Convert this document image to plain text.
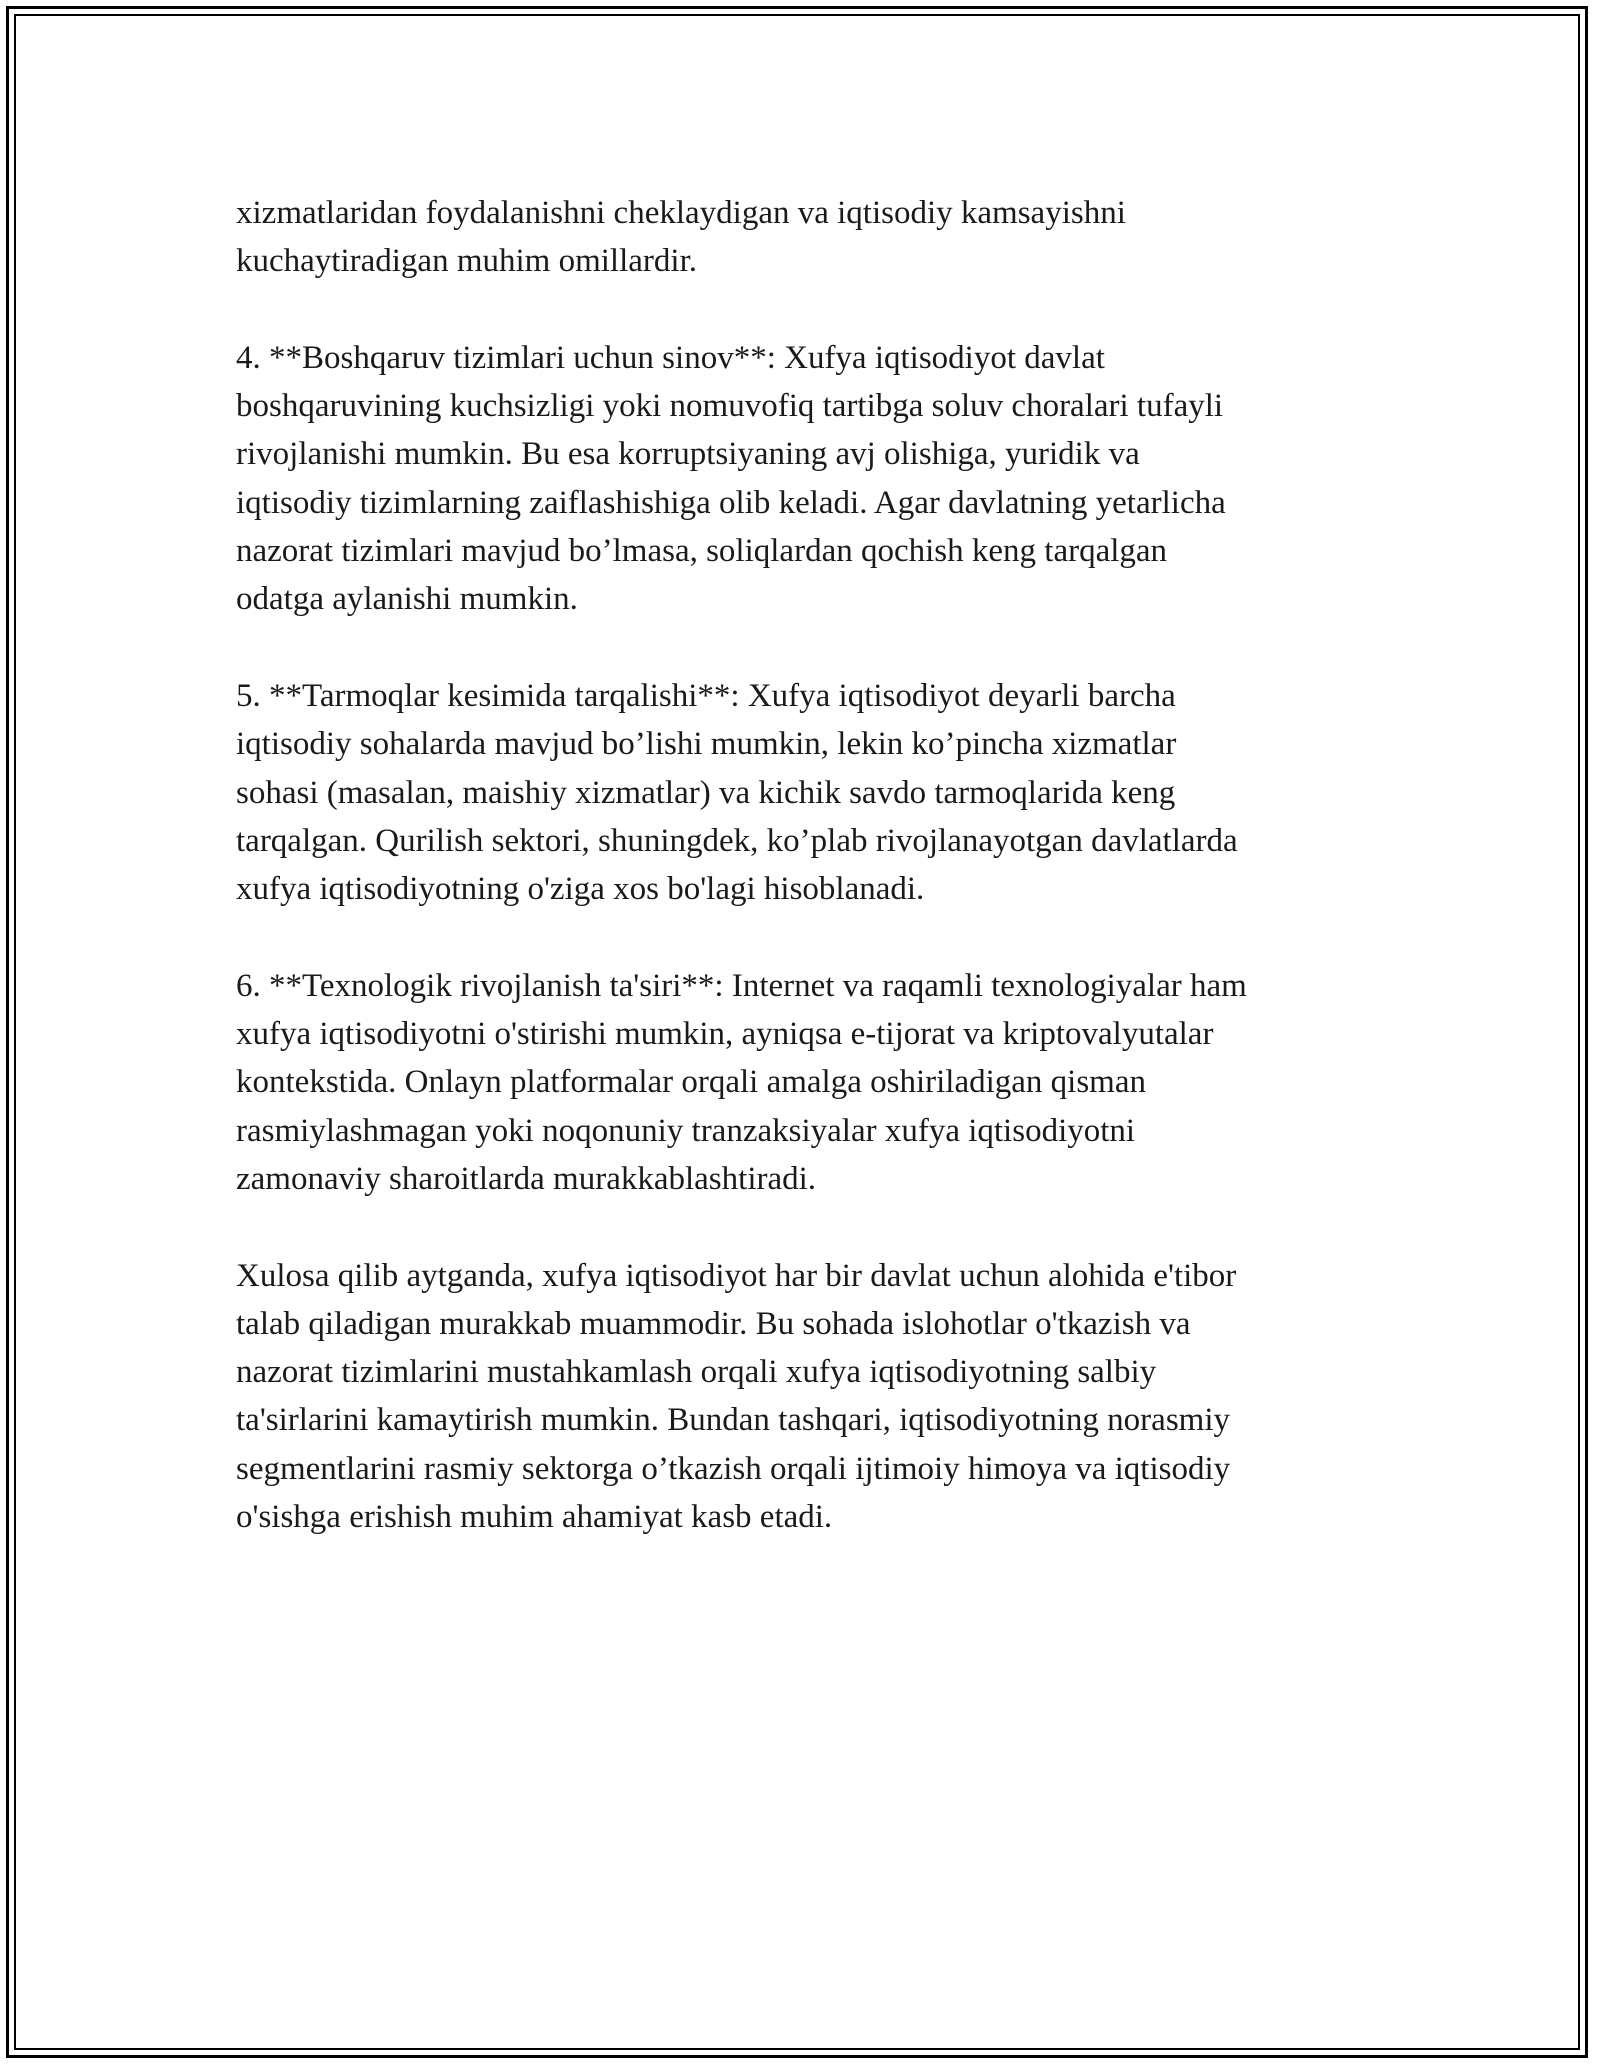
xizmatlaridan foydalanishni cheklaydigan va iqtisodiy kamsayishni
kuchaytiradigan muhim omillardir.

4. **Boshqaruv tizimlari uchun sinov**: Xufya iqtisodiyot davlat
boshqaruvining kuchsizligi yoki nomuvofiq tartibga soluv choralari tufayli
rivojlanishi mumkin. Bu esa korruptsiyaning avj olishiga, yuridik va
iqtisodiy tizimlarning zaiflashishiga olib keladi. Agar davlatning yetarlicha
nazorat tizimlari mavjud bo’lmasa, soliqlardan qochish keng tarqalgan
odatga aylanishi mumkin.

5. **Tarmoqlar kesimida tarqalishi**: Xufya iqtisodiyot deyarli barcha
iqtisodiy sohalarda mavjud bo’lishi mumkin, lekin ko’pincha xizmatlar
sohasi (masalan, maishiy xizmatlar) va kichik savdo tarmoqlarida keng
tarqalgan. Qurilish sektori, shuningdek, ko’plab rivojlanayotgan davlatlarda
xufya iqtisodiyotning o'ziga xos bo'lagi hisoblanadi.

6. **Texnologik rivojlanish ta'siri**: Internet va raqamli texnologiyalar ham
xufya iqtisodiyotni o'stirishi mumkin, ayniqsa e-tijorat va kriptovalyutalar
kontekstida. Onlayn platformalar orqali amalga oshiriladigan qisman
rasmiylashmagan yoki noqonuniy tranzaksiyalar xufya iqtisodiyotni
zamonaviy sharoitlarda murakkablashtiradi.

Xulosa qilib aytganda, xufya iqtisodiyot har bir davlat uchun alohida e'tibor
talab qiladigan murakkab muammodir. Bu sohada islohotlar o'tkazish va
nazorat tizimlarini mustahkamlash orqali xufya iqtisodiyotning salbiy
ta'sirlarini kamaytirish mumkin. Bundan tashqari, iqtisodiyotning norasmiy
segmentlarini rasmiy sektorga o’tkazish orqali ijtimoiy himoya va iqtisodiy
o'sishga erishish muhim ahamiyat kasb etadi.
